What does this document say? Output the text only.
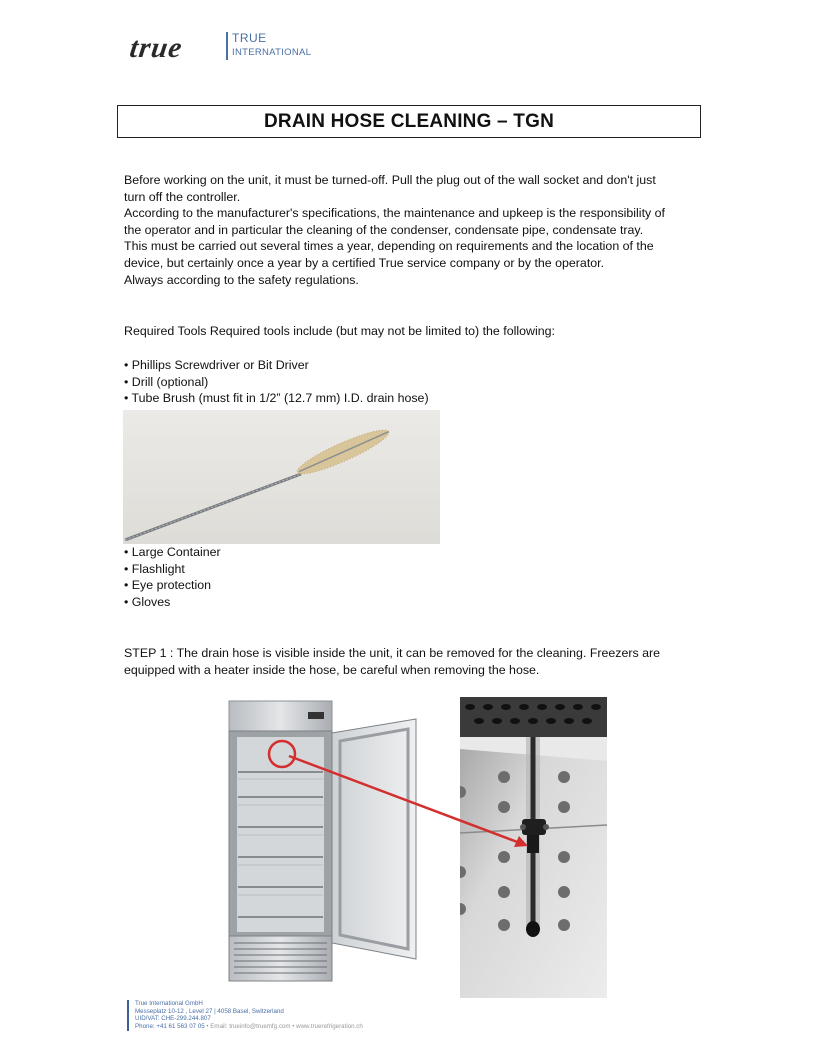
true	TRUE
INTERNATIONAL
DRAIN HOSE CLEANING – TGN
Before working on the unit, it must be turned-off. Pull the plug out of the wall socket and don't just
turn off the controller.
According to the manufacturer's specifications, the maintenance and upkeep is the responsibility of
the operator and in particular the cleaning of the condenser, condensate pipe, condensate tray.
This must be carried out several times a year, depending on requirements and the location of the
device, but certainly once a year by a certified True service company or by the operator.
Always according to the safety regulations.
Required Tools Required tools include (but may not be limited to) the following:
• Phillips Screwdriver or Bit Driver
• Drill (optional)
• Tube Brush (must fit in 1/2” (12.7 mm) I.D. drain hose)
• Large Container
• Flashlight
• Eye protection
• Gloves
STEP 1 : The drain hose is visible inside the unit, it can be removed for the cleaning. Freezers are
equipped with a heater inside the hose, be careful when removing the hose.
True International GmbH
Messeplatz 10-12 , Level 27 | 4058 Basel, Switzerland
UID/VAT: CHE-299.244.807
Phone: +41 61 563 07 05 • Email: trueinfo@truemfg.com • www.truerefrigeration.ch
